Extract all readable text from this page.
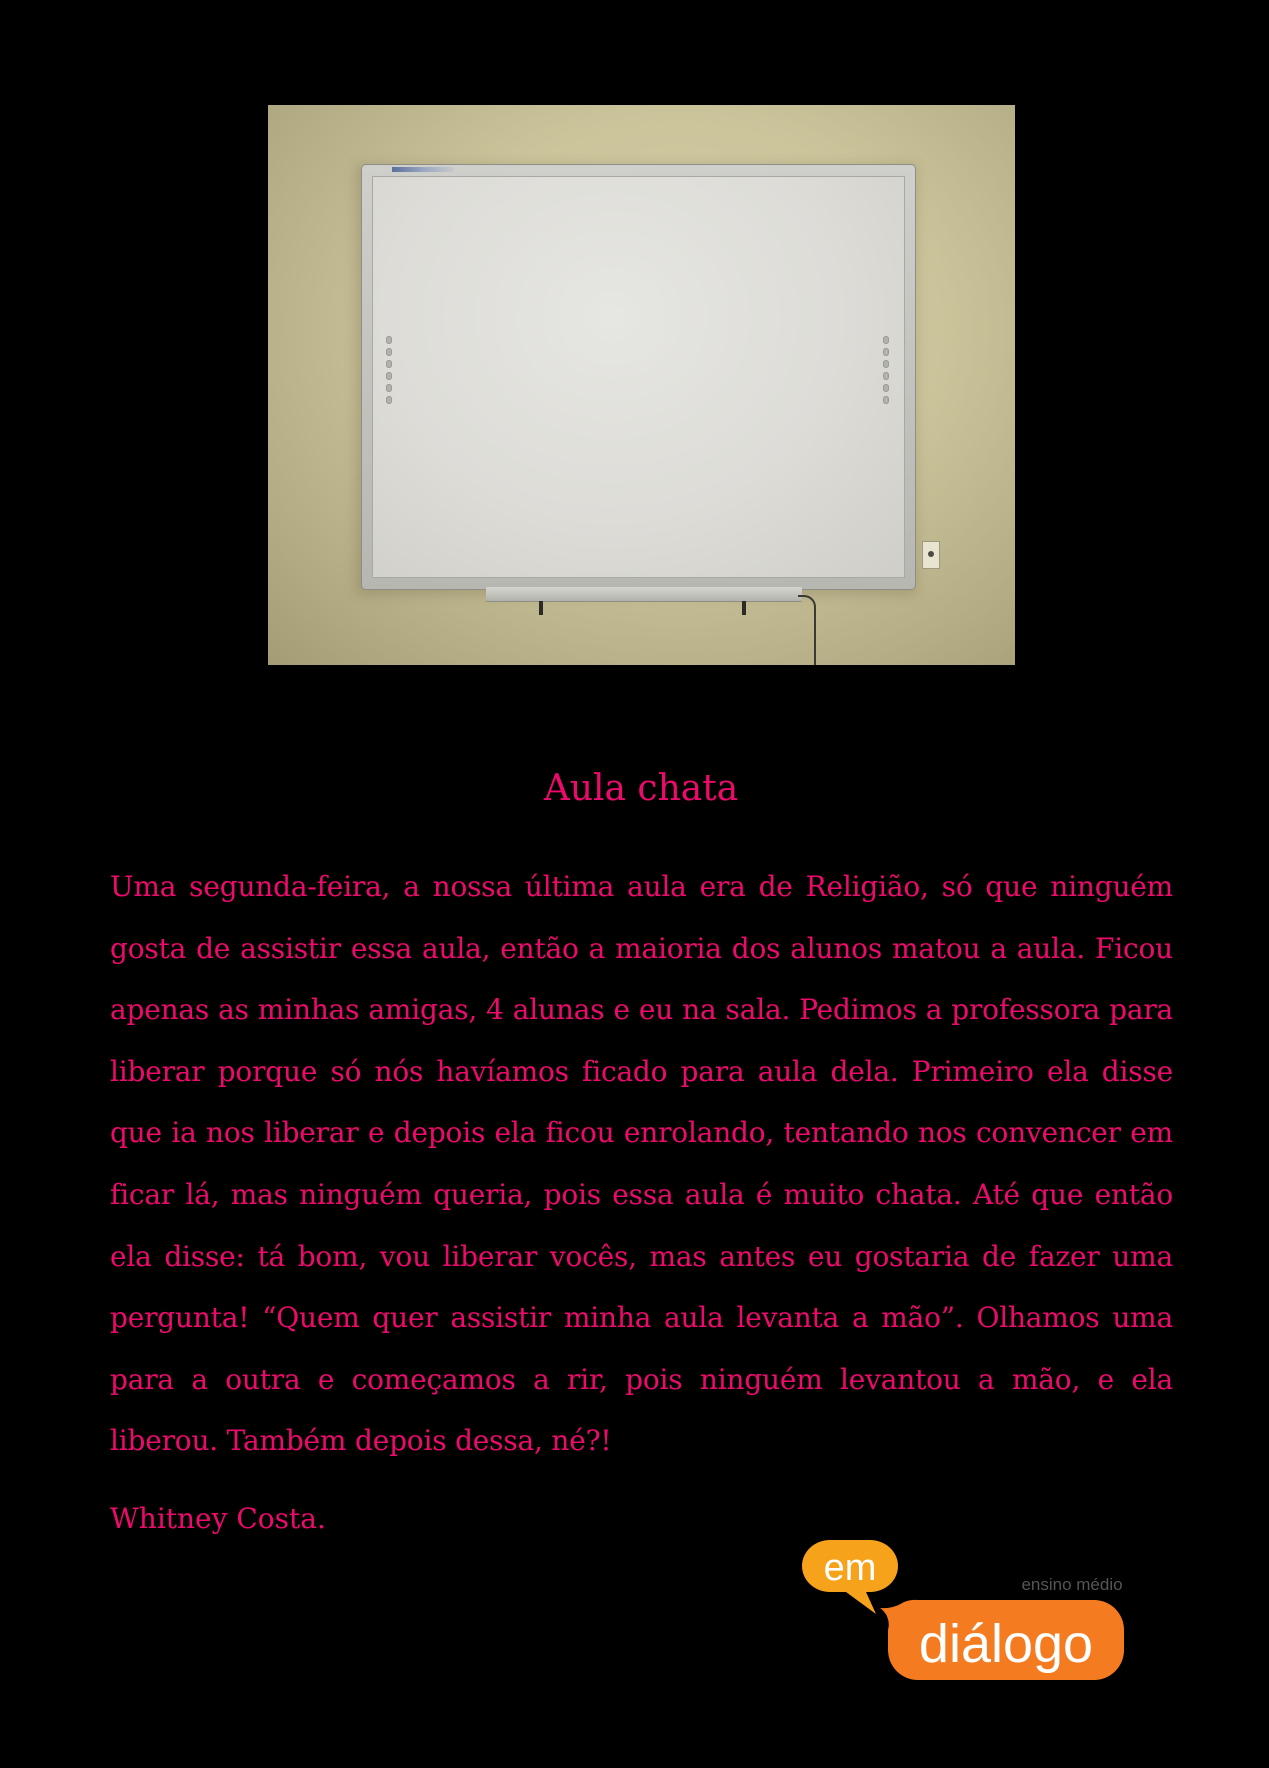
Aula chata

Uma segunda-feira, a nossa última aula era de Religião, só que ninguém gosta de assistir essa aula, então a maioria dos alunos matou a aula. Ficou apenas as minhas amigas, 4 alunas e eu na sala. Pedimos a professora para liberar porque só nós havíamos ficado para aula dela. Primeiro ela disse que ia nos liberar e depois ela ficou enrolando, tentando nos convencer em ficar lá, mas ninguém queria, pois essa aula é muito chata. Até que então ela disse: tá bom, vou liberar vocês, mas antes eu gostaria de fazer uma pergunta! “Quem quer assistir minha aula levanta a mão”. Olhamos uma para a outra e começamos a rir, pois ninguém levantou a mão, e ela liberou. Também depois dessa, né?!

Whitney Costa.
em	ensino médio
diálogo
